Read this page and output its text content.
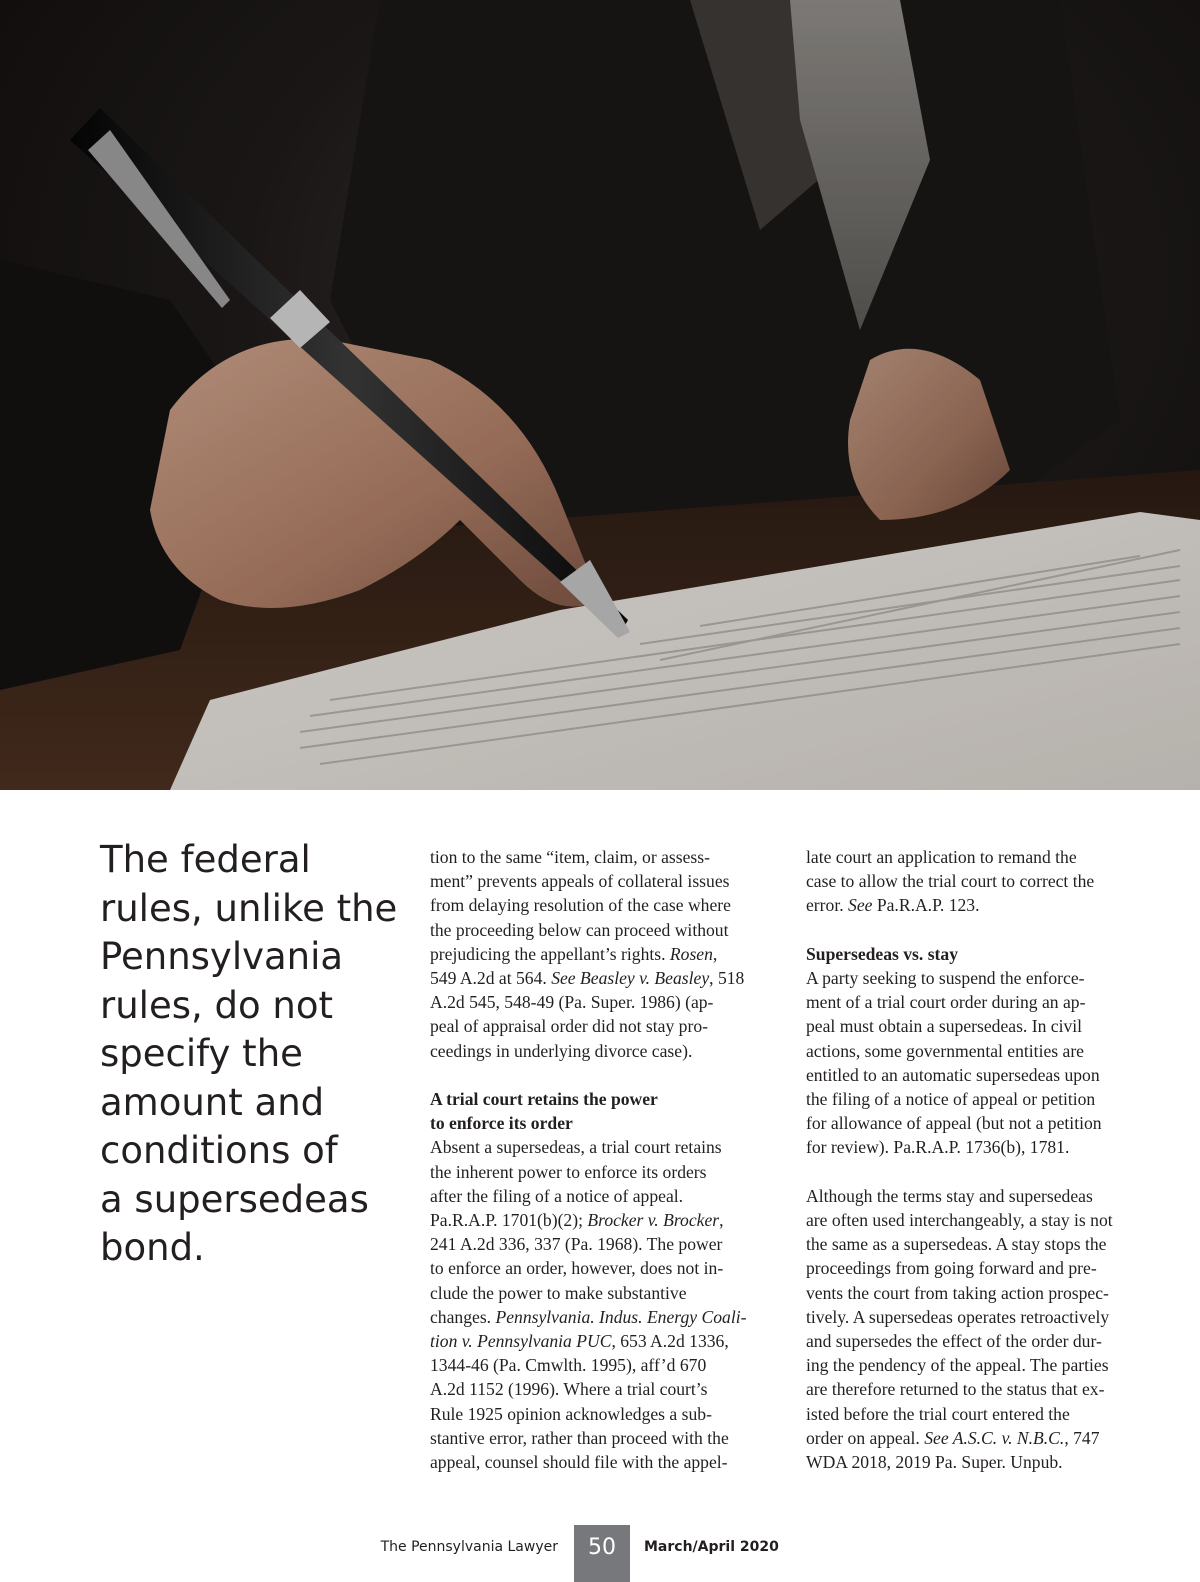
The federal
rules, unlike the
Pennsylvania
rules, do not
specify the
amount and
conditions of
a supersedeas
bond.
tion to the same “item, claim, or assess-
ment” prevents appeals of collateral issues
from delaying resolution of the case where
the proceeding below can proceed without
prejudicing the appellant’s rights. Rosen,
549 A.2d at 564. See Beasley v. Beasley, 518
A.2d 545, 548-49 (Pa. Super. 1986) (ap-
peal of appraisal order did not stay pro-
ceedings in underlying divorce case).
A trial court retains the power
to enforce its order
Absent a supersedeas, a trial court retains
the inherent power to enforce its orders
after the filing of a notice of appeal.
Pa.R.A.P. 1701(b)(2); Brocker v. Brocker,
241 A.2d 336, 337 (Pa. 1968). The power
to enforce an order, however, does not in-
clude the power to make substantive
changes. Pennsylvania. Indus. Energy Coali-
tion v. Pennsylvania PUC, 653 A.2d 1336,
1344-46 (Pa. Cmwlth. 1995), aff’d 670
A.2d 1152 (1996). Where a trial court’s
Rule 1925 opinion acknowledges a sub-
stantive error, rather than proceed with the
appeal, counsel should file with the appel-
late court an application to remand the
case to allow the trial court to correct the
error. See Pa.R.A.P. 123.
Supersedeas vs. stay
A party seeking to suspend the enforce-
ment of a trial court order during an ap-
peal must obtain a supersedeas. In civil
actions, some governmental entities are
entitled to an automatic supersedeas upon
the filing of a notice of appeal or petition
for allowance of appeal (but not a petition
for review). Pa.R.A.P. 1736(b), 1781.
Although the terms stay and supersedeas
are often used interchangeably, a stay is not
the same as a supersedeas. A stay stops the
proceedings from going forward and pre-
vents the court from taking action prospec-
tively. A supersedeas operates retroactively
and supersedes the effect of the order dur-
ing the pendency of the appeal. The parties
are therefore returned to the status that ex-
isted before the trial court entered the
order on appeal. See A.S.C. v. N.B.C., 747
WDA 2018, 2019 Pa. Super. Unpub.
The Pennsylvania Lawyer	50	March/April 2020
